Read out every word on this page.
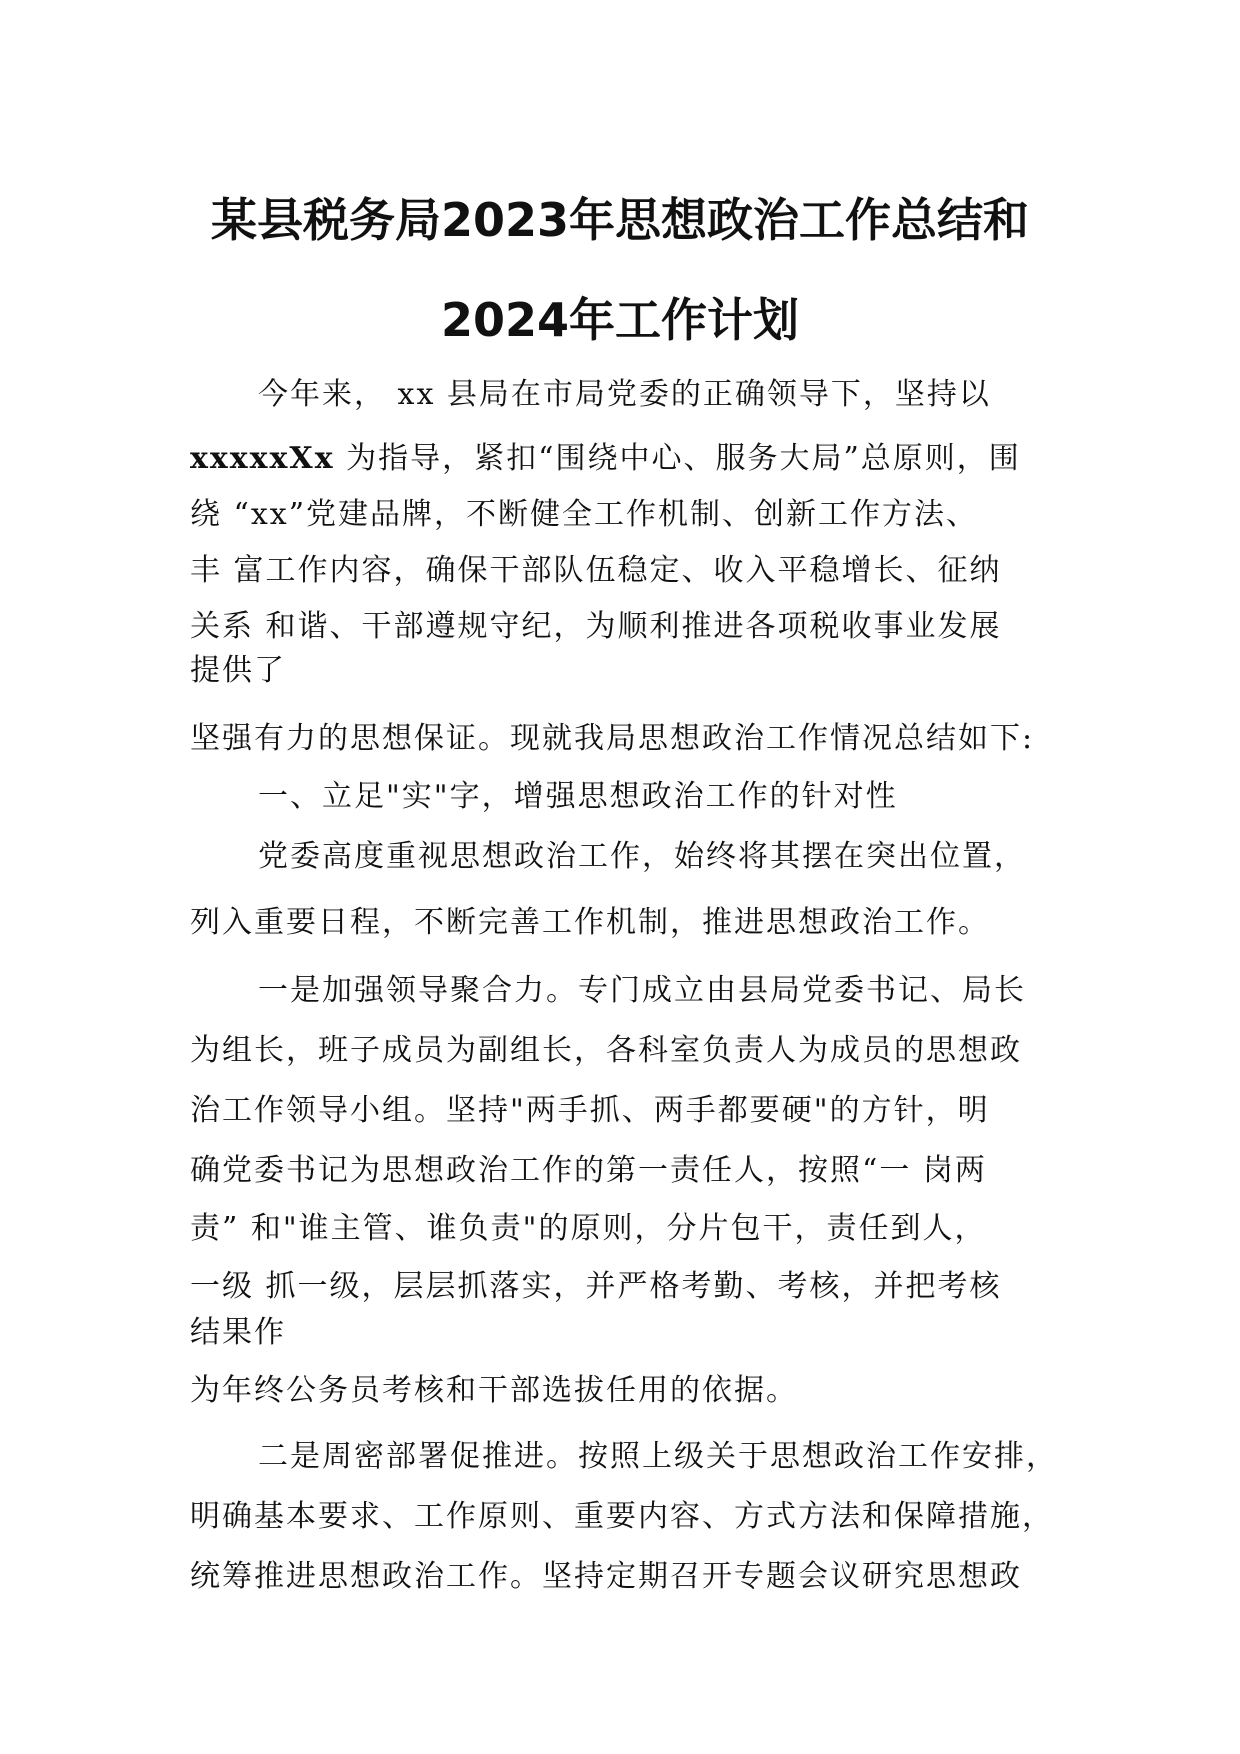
某县税务局2023年思想政治工作总结和
2024年工作计划
今年来， xx 县局在市局党委的正确领导下，坚持以
xxxxxXx 为指导，紧扣“围绕中心、服务大局”总原则，围
绕 “xx”党建品牌，不断健全工作机制、创新工作方法、
丰 富工作内容，确保干部队伍稳定、收入平稳增长、征纳
关系 和谐、干部遵规守纪，为顺利推进各项税收事业发展
提供了
坚强有力的思想保证。现就我局思想政治工作情况总结如下:
一、立足"实"字，增强思想政治工作的针对性
党委高度重视思想政治工作，始终将其摆在突出位置，
列入重要日程，不断完善工作机制，推进思想政治工作。
一是加强领导聚合力。专门成立由县局党委书记、局长
为组长，班子成员为副组长，各科室负责人为成员的思想政
治工作领导小组。坚持"两手抓、两手都要硬"的方针，明
确党委书记为思想政治工作的第一责任人，按照“一 岗两
责” 和"谁主管、谁负责"的原则，分片包干，责任到人，
一级 抓一级，层层抓落实，并严格考勤、考核，并把考核
结果作
为年终公务员考核和干部选拔任用的依据。
二是周密部署促推进。按照上级关于思想政治工作安排，
明确基本要求、工作原则、重要内容、方式方法和保障措施，
统筹推进思想政治工作。坚持定期召开专题会议研究思想政
